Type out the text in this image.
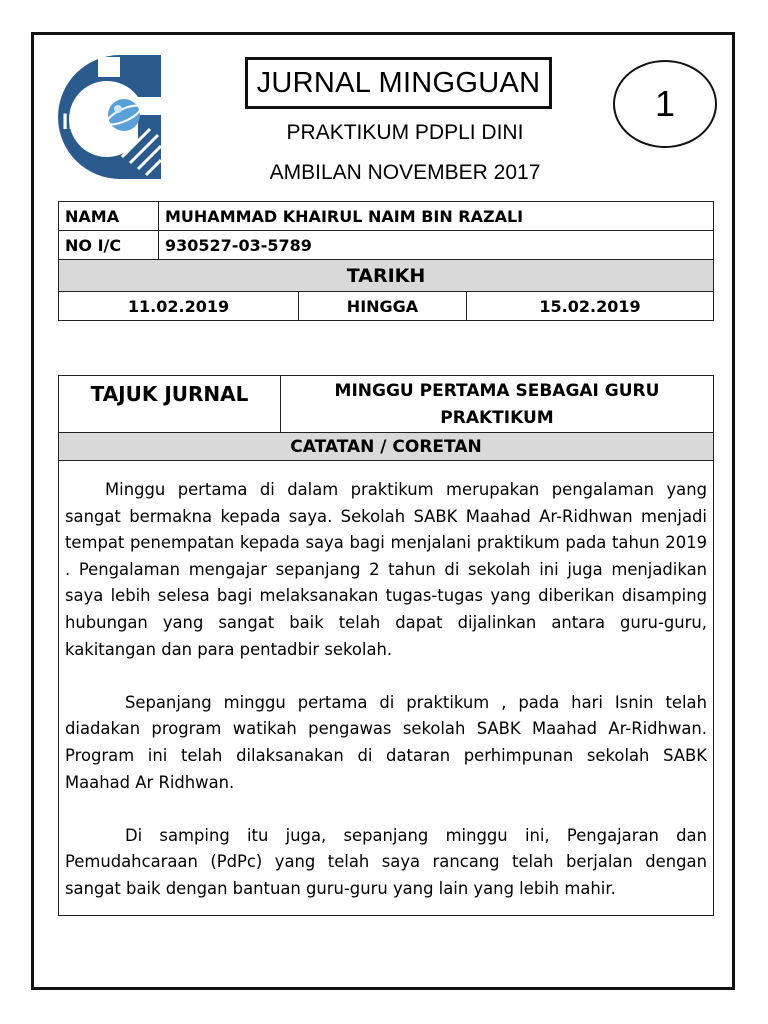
IPG
JURNAL MINGGUAN
1
PRAKTIKUM PDPLI DINI
AMBILAN NOVEMBER 2017
NAMA	MUHAMMAD KHAIRUL NAIM BIN RAZALI		
NO I/C	930527-03-5789		
TARIKH			
11.02.2019		HINGGA	15.02.2019
TAJUK JURNAL	MINGGU PERTAMA SEBAGAI GURU PRAKTIKUM
CATATAN / CORETAN

Minggu pertama di dalam praktikum merupakan pengalaman yang sangat bermakna kepada saya. Sekolah SABK Maahad Ar-Ridhwan menjadi tempat penempatan kepada saya bagi menjalani praktikum pada tahun 2019 . Pengalaman mengajar sepanjang 2 tahun di sekolah ini juga menjadikan saya lebih selesa bagi melaksanakan tugas-tugas yang diberikan disamping hubungan yang sangat baik telah dapat dijalinkan antara guru-guru, kakitangan dan para pentadbir sekolah.

Sepanjang minggu pertama di praktikum , pada hari Isnin telah diadakan program watikah pengawas sekolah SABK Maahad Ar-Ridhwan. Program ini telah dilaksanakan di dataran perhimpunan sekolah SABK Maahad Ar Ridhwan.

Di samping itu juga, sepanjang minggu ini, Pengajaran dan Pemudahcaraan (PdPc) yang telah saya rancang telah berjalan dengan sangat baik dengan bantuan guru-guru yang lain yang lebih mahir.
